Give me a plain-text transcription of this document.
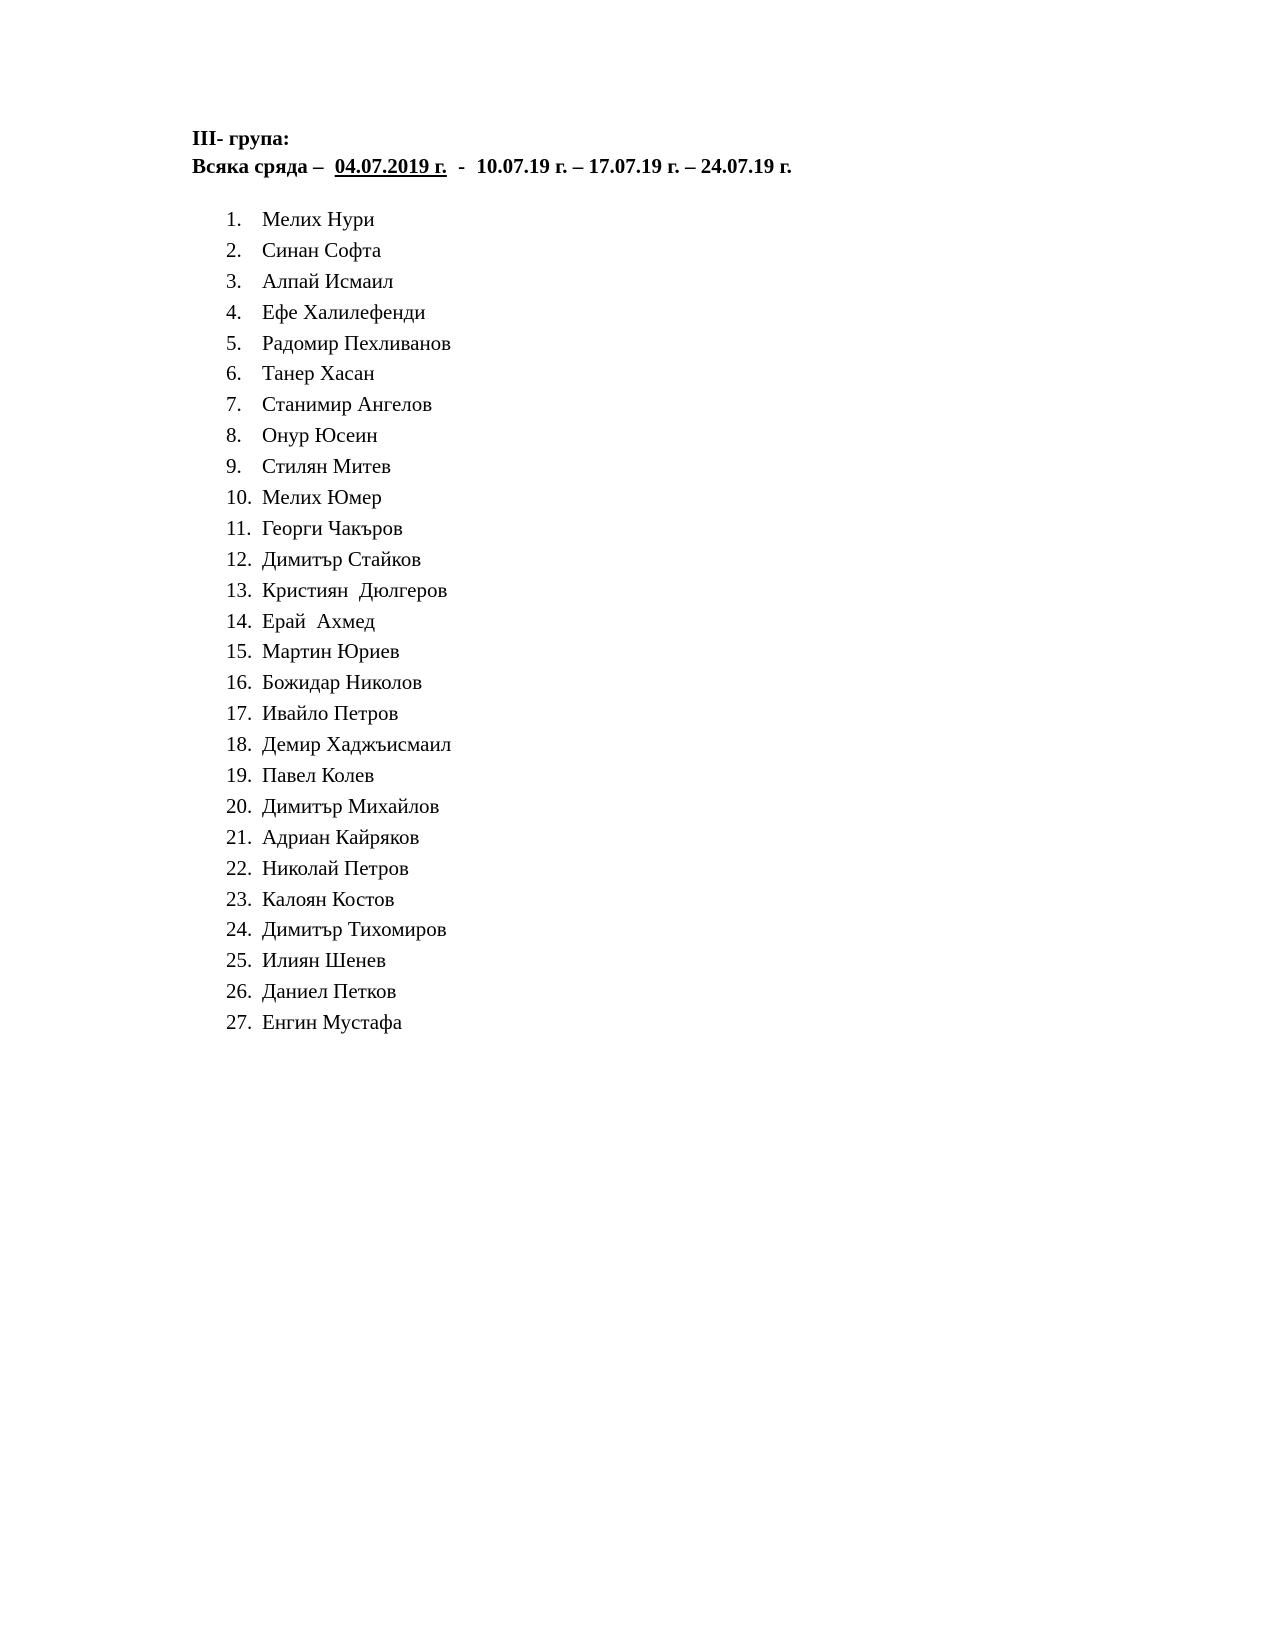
III- група:
Всяка сряда – 04.07.2019 г. - 10.07.19 г. – 17.07.19 г. – 24.07.19 г.
1. Мелих Нури
2. Синан Софта
3. Алпай Исмаил
4. Ефе Халилефенди
5. Радомир Пехливанов
6. Танер Хасан
7. Станимир Ангелов
8. Онур Юсеин
9. Стилян Митев
10. Мелих Юмер
11. Георги Чакъров
12. Димитър Стайков
13. Кристиян  Дюлгеров
14. Ерай  Ахмед
15. Мартин Юриев
16. Божидар Николов
17. Ивайло Петров
18. Демир Хаджъисмаил
19. Павел Колев
20. Димитър Михайлов
21. Адриан Кайряков
22. Николай Петров
23. Калоян Костов
24. Димитър Тихомиров
25. Илиян Шенев
26. Даниел Петков
27. Енгин Мустафа
